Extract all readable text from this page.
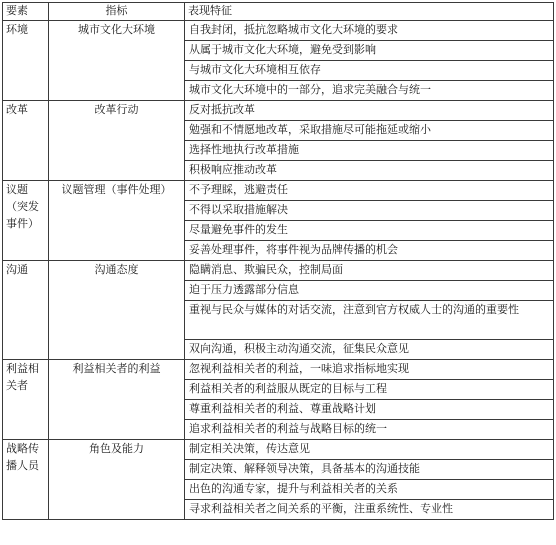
要素	指标	表现特征
环境	城市文化大环境	自我封闭，抵抗忽略城市文化大环境的要求
		从属于城市文化大环境，避免受到影响
		与城市文化大环境相互依存
		城市文化大环境中的一部分，追求完美融合与统一
改革	改革行动	反对抵抗改革
		勉强和不情愿地改革，采取措施尽可能拖延或缩小
		选择性地执行改革措施
		积极响应推动改革
议题（突发事件）	议题管理（事件处理）	不予理睬，逃避责任
		不得以采取措施解决
		尽量避免事件的发生
		妥善处理事件，将事件视为品牌传播的机会
沟通	沟通态度	隐瞒消息、欺骗民众，控制局面
		迫于压力透露部分信息
		重视与民众与媒体的对话交流，注意到官方权威人士的沟通的重要性
		双向沟通，积极主动沟通交流，征集民众意见
利益相关者	利益相关者的利益	忽视利益相关者的利益，一味追求指标地实现
		利益相关者的利益服从既定的目标与工程
		尊重利益相关者的利益、尊重战略计划
		追求利益相关者的利益与战略目标的统一
战略传播人员	角色及能力	制定相关决策，传达意见
		制定决策、解释领导决策，具备基本的沟通技能
		出色的沟通专家，提升与利益相关者的关系
		寻求利益相关者之间关系的平衡，注重系统性、专业性
